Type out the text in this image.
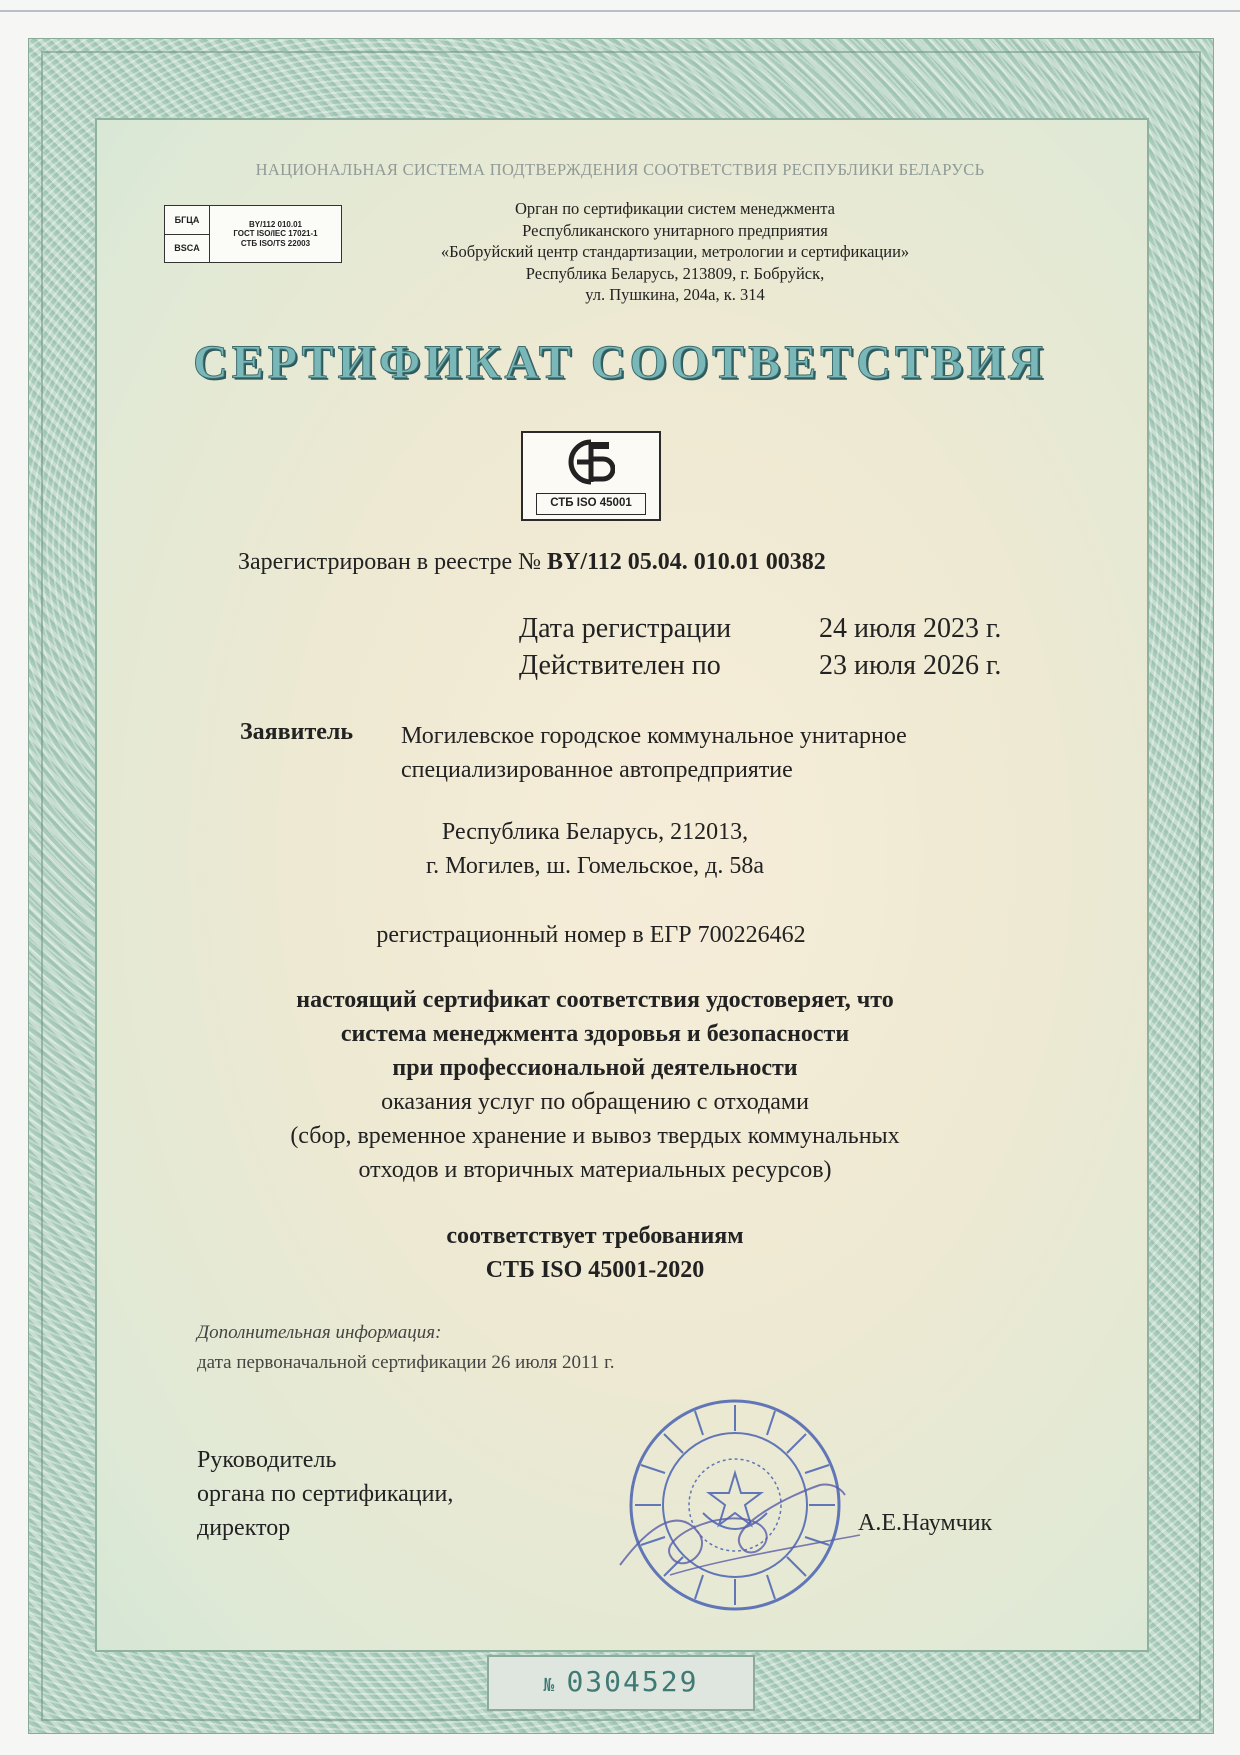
№ 0304529
НАЦИОНАЛЬНАЯ СИСТЕМА ПОДТВЕРЖДЕНИЯ СООТВЕТСТВИЯ РЕСПУБЛИКИ БЕЛАРУСЬ
БГЦА
BSCA
BY/112 010.01
ГОСТ ISO/IEC 17021-1
СТБ ISO/TS 22003
Орган по сертификации систем менеджмента
Республиканского унитарного предприятия
«Бобруйский центр стандартизации, метрологии и сертификации»
Республика Беларусь, 213809, г. Бобруйск,
ул. Пушкина, 204а, к. 314
СЕРТИФИКАТ СООТВЕТСТВИЯ
СТБ ISO 45001
Зарегистрирован в реестре № BY/112 05.04. 010.01 00382
Дата регистрации	24 июля 2023 г.
Действителен по	23 июля 2026 г.
Заявитель Могилевское городское коммунальное унитарное
специализированное автопредприятие
Республика Беларусь, 212013,
г. Могилев, ш. Гомельское, д. 58а
регистрационный номер в ЕГР 700226462
настоящий сертификат соответствия удостоверяет, что
система менеджмента здоровья и безопасности
при профессиональной деятельности
оказания услуг по обращению с отходами
(сбор, временное хранение и вывоз твердых коммунальных
отходов и вторичных материальных ресурсов)
соответствует требованиям
СТБ ISO 45001-2020
Дополнительная информация:
дата первоначальной сертификации 26 июля 2011 г.
Руководитель
органа по сертификации,
директор	А.Е.Наумчик
